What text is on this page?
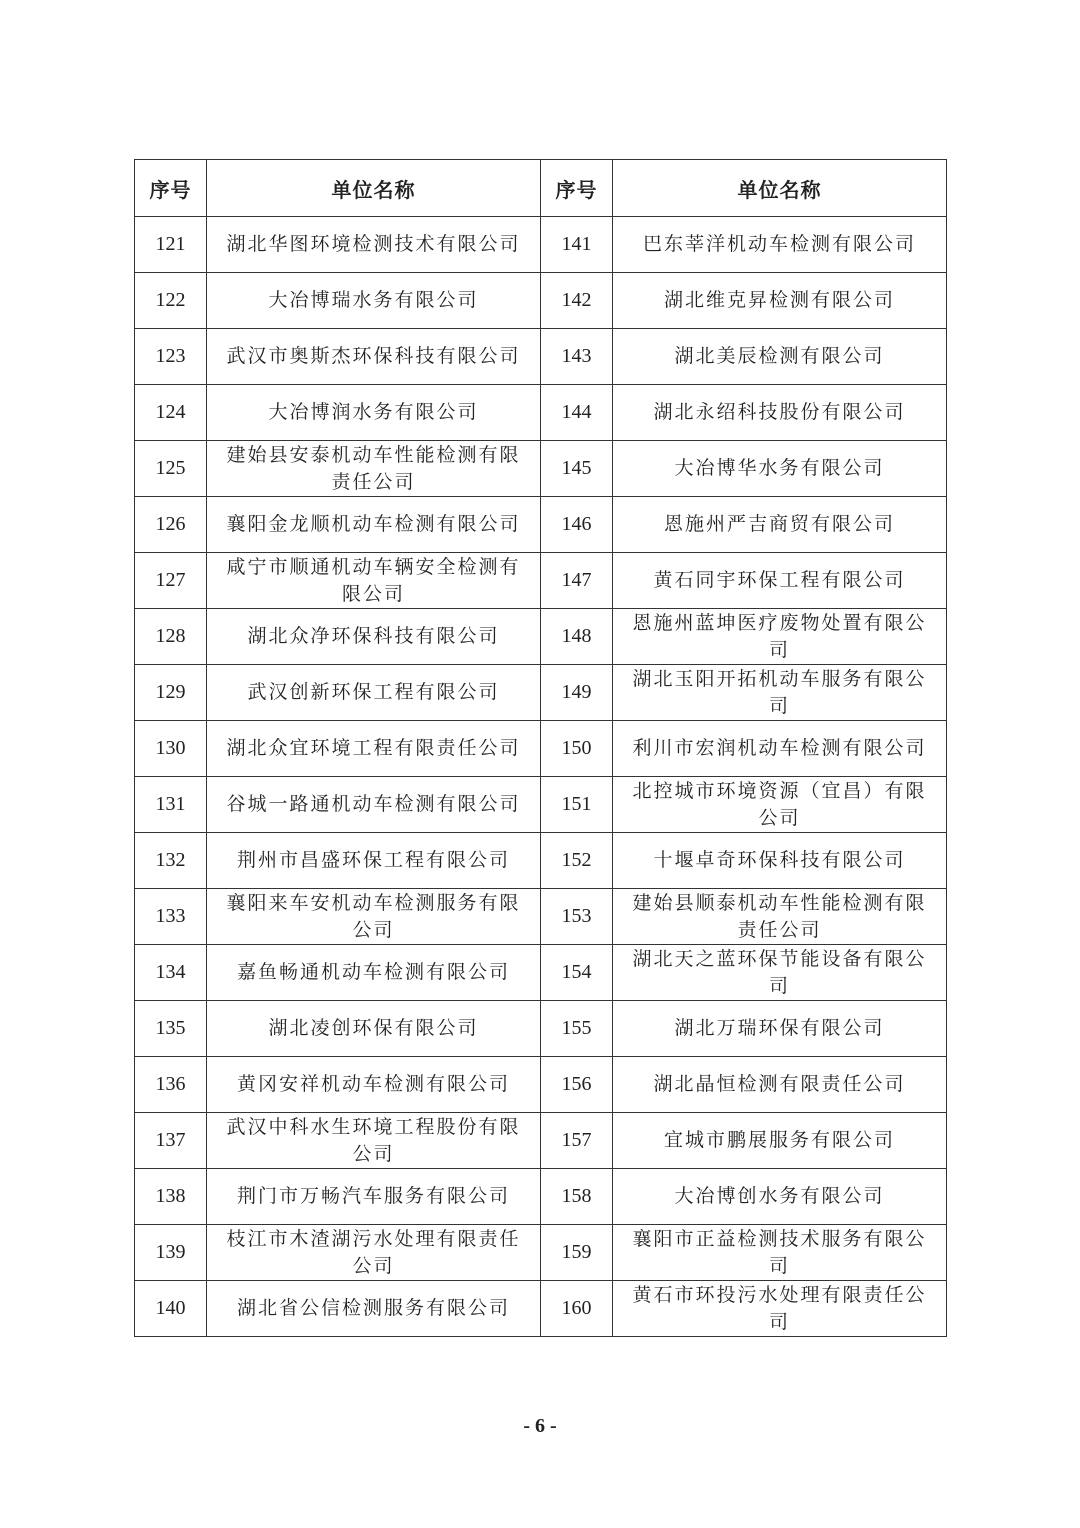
序号	单位名称	序号	单位名称
121	湖北华图环境检测技术有限公司	141	巴东莘洋机动车检测有限公司
122	大冶博瑞水务有限公司	142	湖北维克昇检测有限公司
123	武汉市奥斯杰环保科技有限公司	143	湖北美辰检测有限公司
124	大冶博润水务有限公司	144	湖北永绍科技股份有限公司
125	建始县安泰机动车性能检测有限责任公司	145	大冶博华水务有限公司
126	襄阳金龙顺机动车检测有限公司	146	恩施州严吉商贸有限公司
127	咸宁市顺通机动车辆安全检测有限公司	147	黄石同宇环保工程有限公司
128	湖北众净环保科技有限公司	148	恩施州蓝坤医疗废物处置有限公司
129	武汉创新环保工程有限公司	149	湖北玉阳开拓机动车服务有限公司
130	湖北众宜环境工程有限责任公司	150	利川市宏润机动车检测有限公司
131	谷城一路通机动车检测有限公司	151	北控城市环境资源（宜昌）有限公司
132	荆州市昌盛环保工程有限公司	152	十堰卓奇环保科技有限公司
133	襄阳来车安机动车检测服务有限公司	153	建始县顺泰机动车性能检测有限责任公司
134	嘉鱼畅通机动车检测有限公司	154	湖北天之蓝环保节能设备有限公司
135	湖北凌创环保有限公司	155	湖北万瑞环保有限公司
136	黄冈安祥机动车检测有限公司	156	湖北晶恒检测有限责任公司
137	武汉中科水生环境工程股份有限公司	157	宜城市鹏展服务有限公司
138	荆门市万畅汽车服务有限公司	158	大冶博创水务有限公司
139	枝江市木渣湖污水处理有限责任公司	159	襄阳市正益检测技术服务有限公司
140	湖北省公信检测服务有限公司	160	黄石市环投污水处理有限责任公司
- 6 -
